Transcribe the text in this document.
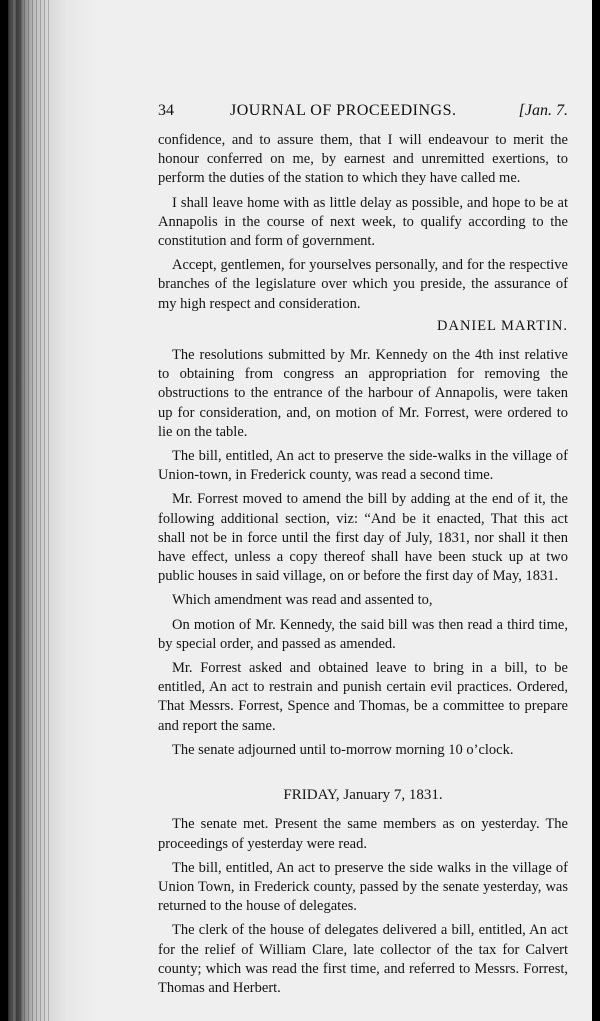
34	JOURNAL OF PROCEEDINGS.	[Jan. 7.

confidence, and to assure them, that I will endeavour to merit the honour conferred on me, by earnest and unremitted exertions, to perform the duties of the station to which they have called me.

I shall leave home with as little delay as possible, and hope to be at Annapolis in the course of next week, to qualify according to the constitution and form of government.

Accept, gentlemen, for yourselves personally, and for the respective branches of the legislature over which you preside, the assurance of my high respect and consideration.

DANIEL MARTIN.

The resolutions submitted by Mr. Kennedy on the 4th inst relative to obtaining from congress an appropriation for removing the obstructions to the entrance of the harbour of Annapolis, were taken up for consideration, and, on motion of Mr. Forrest, were ordered to lie on the table.

The bill, entitled, An act to preserve the side-walks in the village of Union-town, in Frederick county, was read a second time.

Mr. Forrest moved to amend the bill by adding at the end of it, the following additional section, viz: “And be it enacted, That this act shall not be in force until the first day of July, 1831, nor shall it then have effect, unless a copy thereof shall have been stuck up at two public houses in said village, on or before the first day of May, 1831.

Which amendment was read and assented to,

On motion of Mr. Kennedy, the said bill was then read a third time, by special order, and passed as amended.

Mr. Forrest asked and obtained leave to bring in a bill, to be entitled, An act to restrain and punish certain evil practices. Ordered, That Messrs. Forrest, Spence and Thomas, be a committee to prepare and report the same.

The senate adjourned until to-morrow morning 10 o’clock.

FRIDAY, January 7, 1831.

The senate met. Present the same members as on yesterday. The proceedings of yesterday were read.

The bill, entitled, An act to preserve the side walks in the village of Union Town, in Frederick county, passed by the senate yesterday, was returned to the house of delegates.

The clerk of the house of delegates delivered a bill, entitled, An act for the relief of William Clare, late collector of the tax for Calvert county; which was read the first time, and referred to Messrs. Forrest, Thomas and Herbert.
